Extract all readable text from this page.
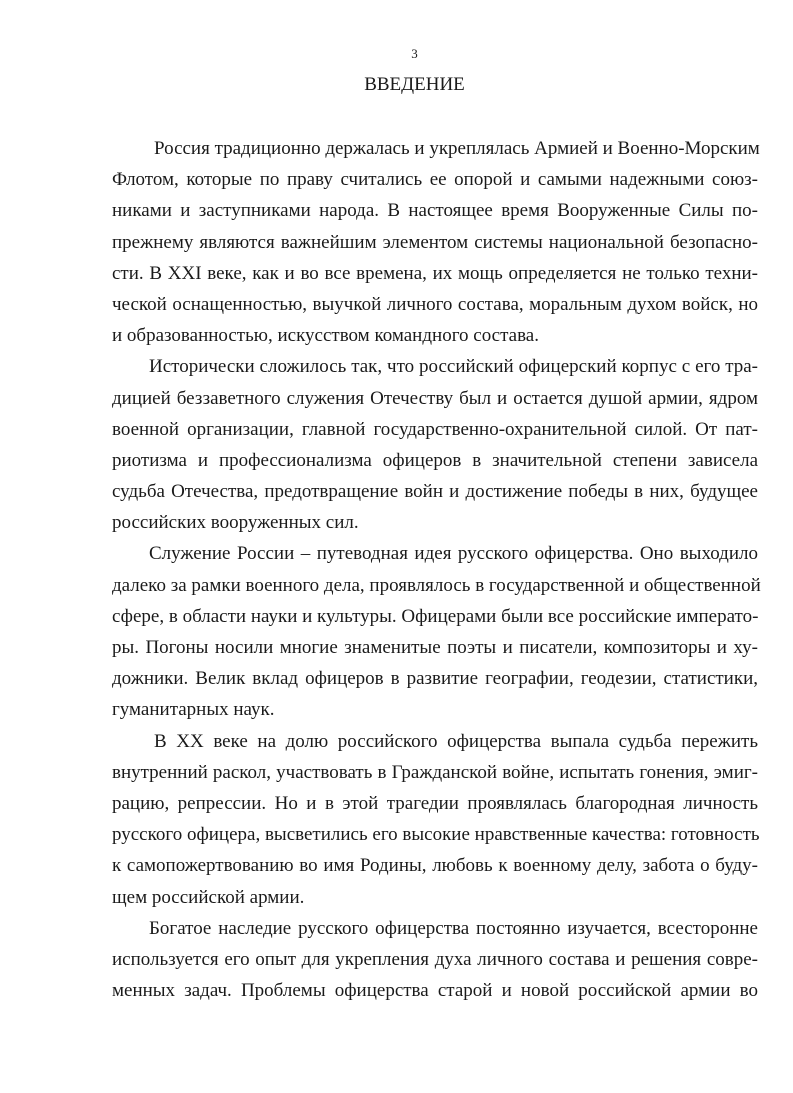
3
ВВЕДЕНИЕ
Россия традиционно держалась и укреплялась Армией и Военно-Морским
Флотом, которые по праву считались ее опорой и самыми надежными союз-
никами и заступниками народа. В настоящее время Вооруженные Силы по-
прежнему являются важнейшим элементом системы национальной безопасно-
сти. В XXI веке, как и во все времена, их мощь определяется не только техни-
ческой оснащенностью, выучкой личного состава, моральным духом войск, но
и образованностью, искусством командного состава.
Исторически сложилось так, что российский офицерский корпус с его тра-
дицией беззаветного служения Отечеству был и остается душой армии, ядром
военной организации, главной государственно-охранительной силой. От пат-
риотизма и профессионализма офицеров в значительной степени зависела
судьба Отечества, предотвращение войн и достижение победы в них, будущее
российских вооруженных сил.
Служение России – путеводная идея русского офицерства. Оно выходило
далеко за рамки военного дела, проявлялось в государственной и общественной
сфере, в области науки и культуры. Офицерами были все российские императо-
ры. Погоны носили многие знаменитые поэты и писатели, композиторы и ху-
дожники. Велик вклад офицеров в развитие географии, геодезии, статистики,
гуманитарных наук.
В XX веке на долю российского офицерства выпала судьба пережить
внутренний раскол, участвовать в Гражданской войне, испытать гонения, эмиг-
рацию, репрессии. Но и в этой трагедии проявлялась благородная личность
русского офицера, высветились его высокие нравственные качества: готовность
к самопожертвованию во имя Родины, любовь к военному делу, забота о буду-
щем российской армии.
Богатое наследие русского офицерства постоянно изучается, всесторонне
используется его опыт для укрепления духа личного состава и решения совре-
менных задач. Проблемы офицерства старой и новой российской армии во
